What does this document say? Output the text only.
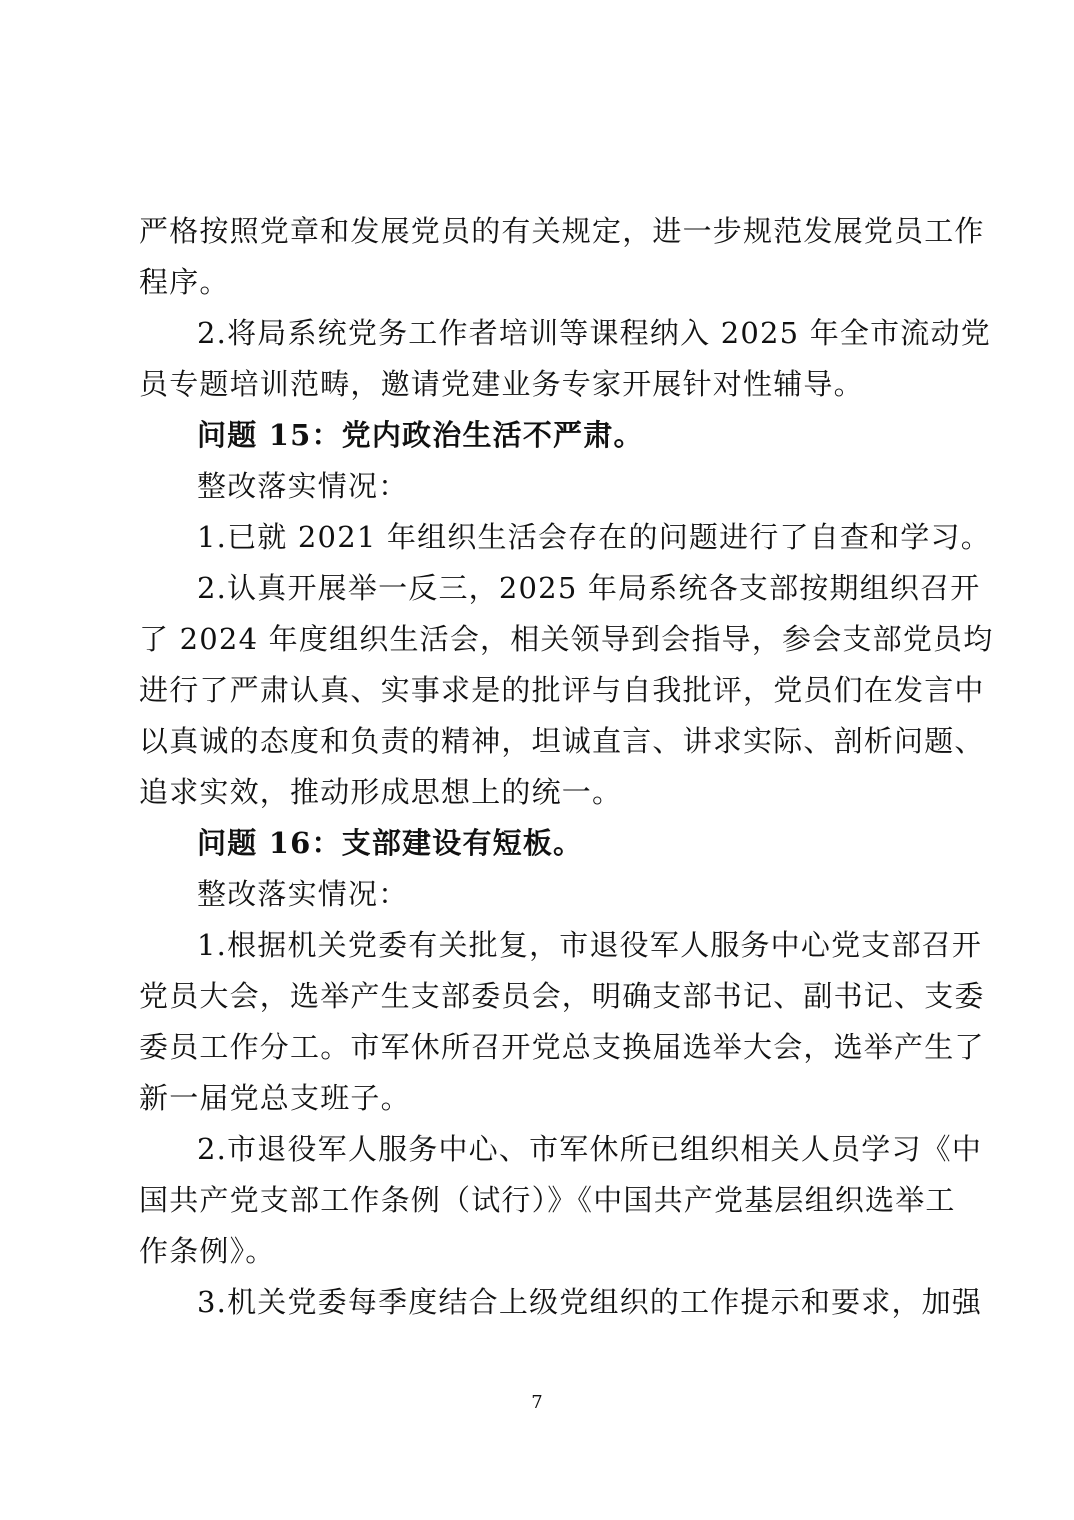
严格按照党章和发展党员的有关规定，进一步规范发展党员工作
程序。
2.将局系统党务工作者培训等课程纳入 2025 年全市流动党
员专题培训范畴，邀请党建业务专家开展针对性辅导。
问题 15：党内政治生活不严肃。
整改落实情况：
1.已就 2021 年组织生活会存在的问题进行了自查和学习。
2.认真开展举一反三，2025 年局系统各支部按期组织召开
了 2024 年度组织生活会，相关领导到会指导，参会支部党员均
进行了严肃认真、实事求是的批评与自我批评，党员们在发言中
以真诚的态度和负责的精神，坦诚直言、讲求实际、剖析问题、
追求实效，推动形成思想上的统一。
问题 16：支部建设有短板。
整改落实情况：
1.根据机关党委有关批复，市退役军人服务中心党支部召开
党员大会，选举产生支部委员会，明确支部书记、副书记、支委
委员工作分工。市军休所召开党总支换届选举大会，选举产生了
新一届党总支班子。
2.市退役军人服务中心、市军休所已组织相关人员学习《中
国共产党支部工作条例（试行）》《中国共产党基层组织选举工
作条例》。
3.机关党委每季度结合上级党组织的工作提示和要求，加强
7
